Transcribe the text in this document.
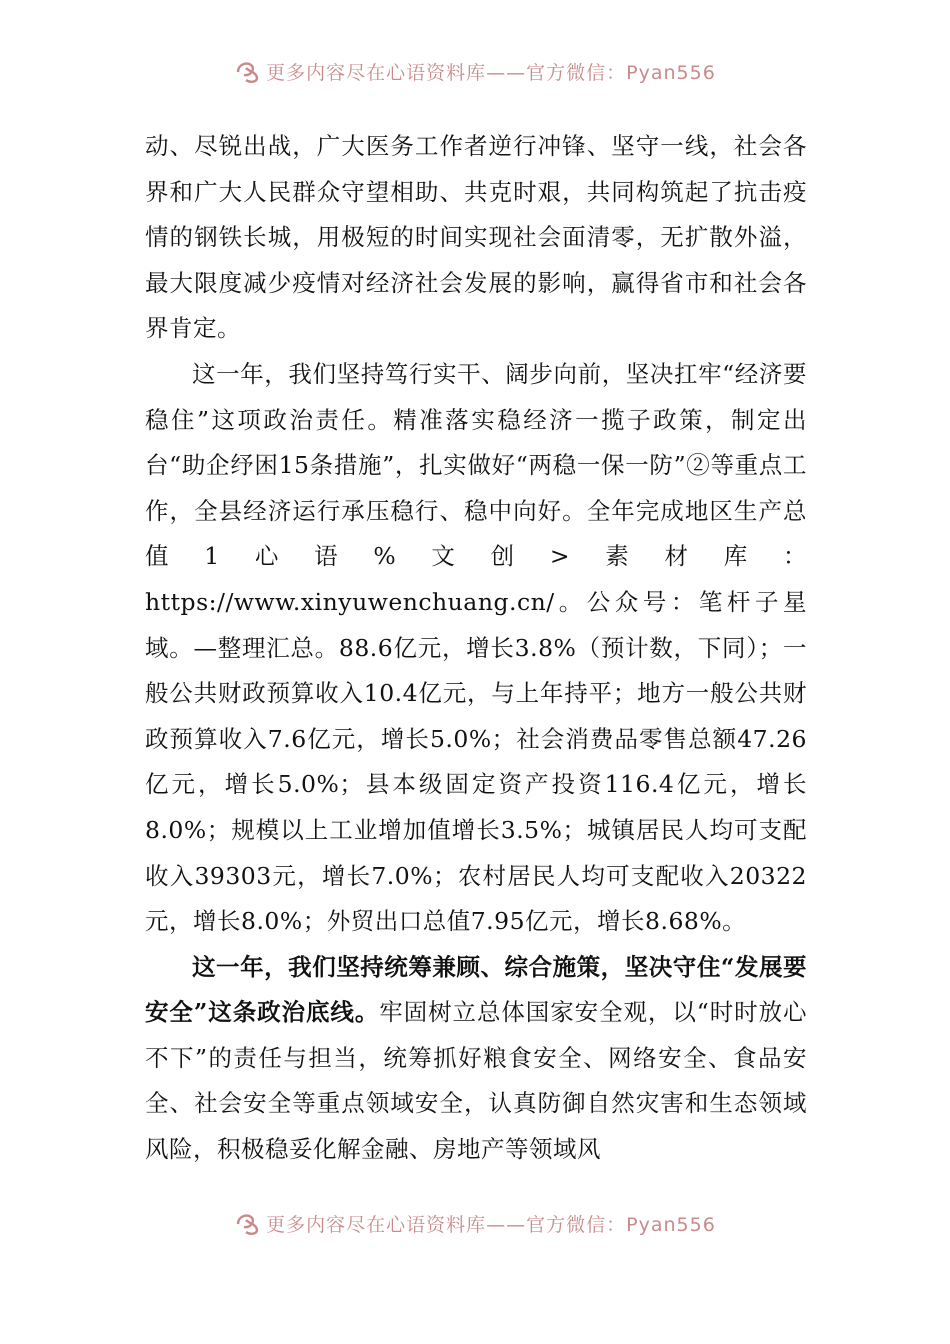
更多内容尽在心语资料库——官方微信：Pyan556

动、尽锐出战，广大医务工作者逆行冲锋、坚守一线，社会各界和广大人民群众守望相助、共克时艰，共同构筑起了抗击疫情的钢铁长城，用极短的时间实现社会面清零，无扩散外溢，最大限度减少疫情对经济社会发展的影响，赢得省市和社会各界肯定。

这一年，我们坚持笃行实干、阔步向前，坚决扛牢“经济要稳住”这项政治责任。精准落实稳经济一揽子政策，制定出台“助企纾困15条措施”，扎实做好“两稳一保一防”②等重点工作，全县经济运行承压稳行、稳中向好。全年完成地区生产总值1心语%文创>素材库：https://www.xinyuwenchuang.cn/。公众号：笔杆子星域。—整理汇总。88.6亿元，增长3.8%（预计数，下同）；一般公共财政预算收入10.4亿元，与上年持平；地方一般公共财政预算收入7.6亿元，增长5.0%；社会消费品零售总额47.26亿元，增长5.0%；县本级固定资产投资116.4亿元，增长8.0%；规模以上工业增加值增长3.5%；城镇居民人均可支配收入39303元，增长7.0%；农村居民人均可支配收入20322元，增长8.0%；外贸出口总值7.95亿元，增长8.68%。

这一年，我们坚持统筹兼顾、综合施策，坚决守住“发展要安全”这条政治底线。牢固树立总体国家安全观，以“时时放心不下”的责任与担当，统筹抓好粮食安全、网络安全、食品安全、社会安全等重点领域安全，认真防御自然灾害和生态领域风险，积极稳妥化解金融、房地产等领域风

更多内容尽在心语资料库——官方微信：Pyan556
